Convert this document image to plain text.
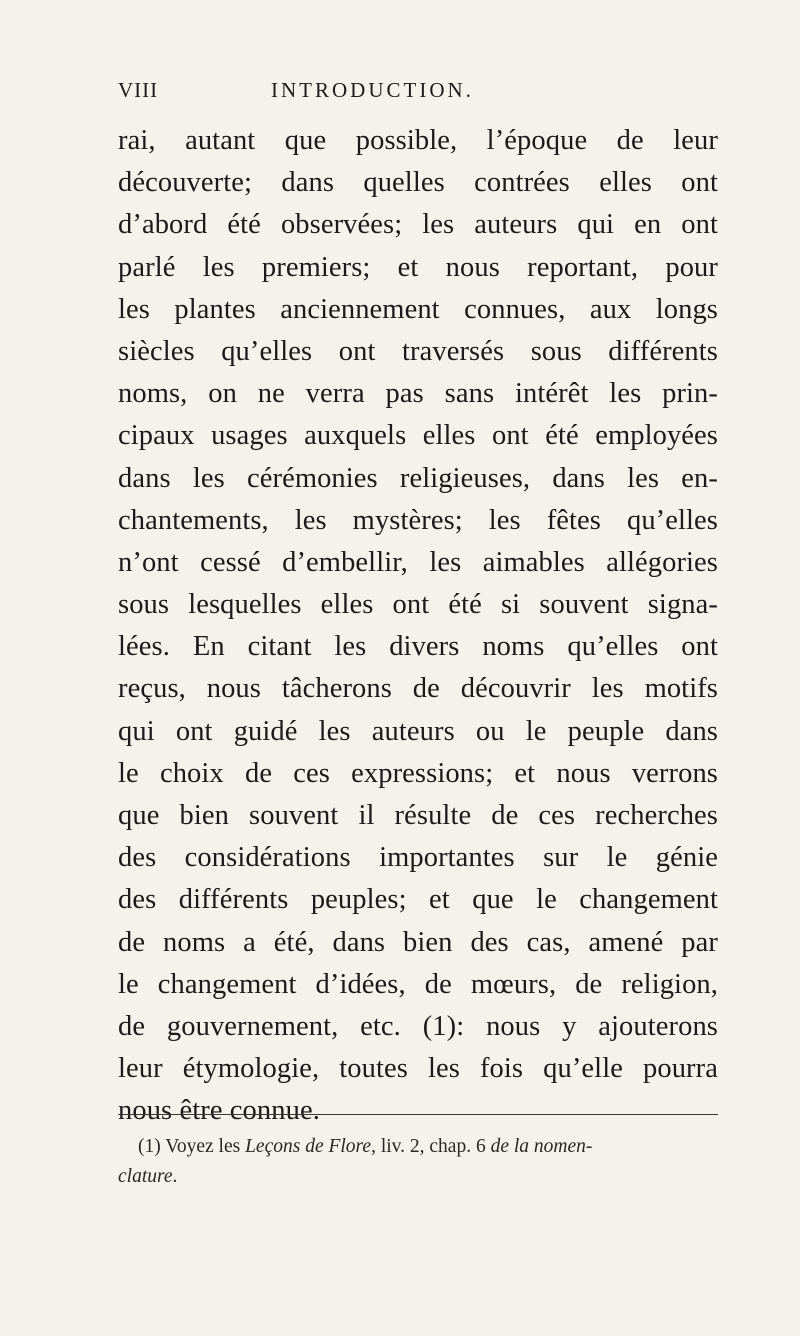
VIII	INTRODUCTION.
rai, autant que possible, l’époque de leur
découverte; dans quelles contrées elles ont
d’abord été observées; les auteurs qui en ont
parlé les premiers; et nous reportant, pour
les plantes anciennement connues, aux longs
siècles qu’elles ont traversés sous différents
noms, on ne verra pas sans intérêt les prin-
cipaux usages auxquels elles ont été employées
dans les cérémonies religieuses, dans les en-
chantements, les mystères; les fêtes qu’elles
n’ont cessé d’embellir, les aimables allégories
sous lesquelles elles ont été si souvent signa-
lées. En citant les divers noms qu’elles ont
reçus, nous tâcherons de découvrir les motifs
qui ont guidé les auteurs ou le peuple dans
le choix de ces expressions; et nous verrons
que bien souvent il résulte de ces recherches
des considérations importantes sur le génie
des différents peuples; et que le changement
de noms a été, dans bien des cas, amené par
le changement d’idées, de mœurs, de religion,
de gouvernement, etc. (1): nous y ajouterons
leur étymologie, toutes les fois qu’elle pourra
nous être connue.
(1) Voyez les Leçons de Flore, liv. 2, chap. 6 de la nomen-
clature.
